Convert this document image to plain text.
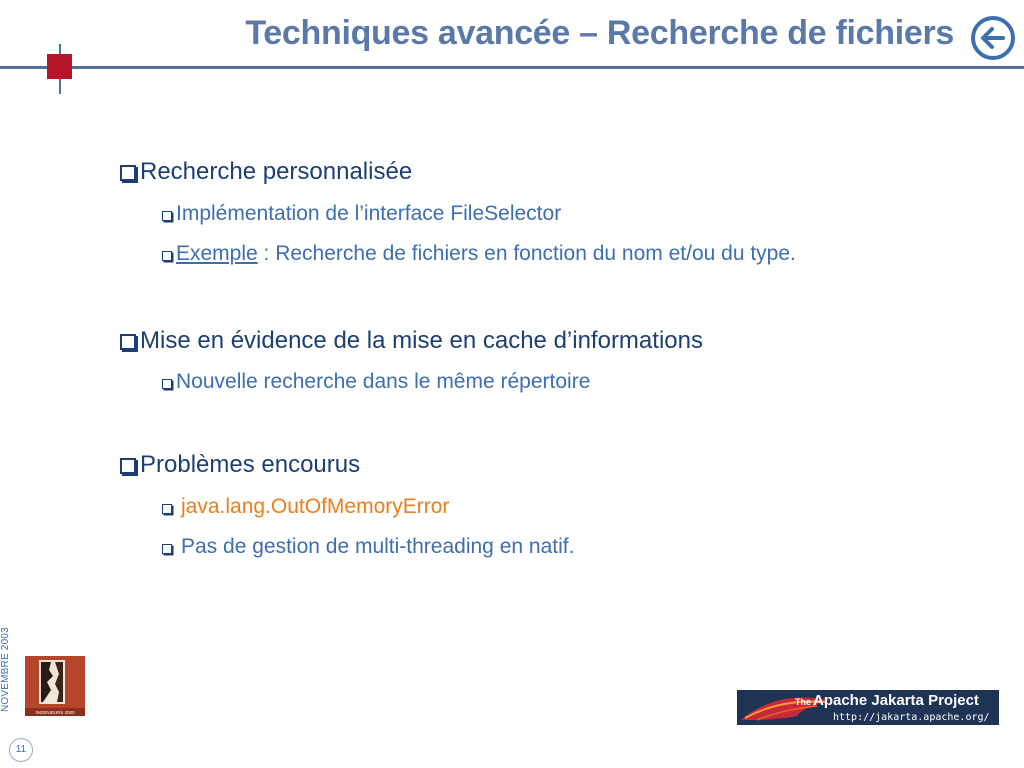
Techniques avancée – Recherche de fichiers
Recherche personnalisée
Implémentation de l’interface FileSelector
Exemple : Recherche de fichiers en fonction du nom et/ou du type.
Mise en évidence de la mise en cache d’informations
Nouvelle recherche dans le même répertoire
Problèmes encourus
java.lang.OutOfMemoryError
Pas de gestion de multi-threading en natif.
NOVEMBRE 2003
INGÉNIEURS 2000
11
The Apache Jakarta Project
http://jakarta.apache.org/
